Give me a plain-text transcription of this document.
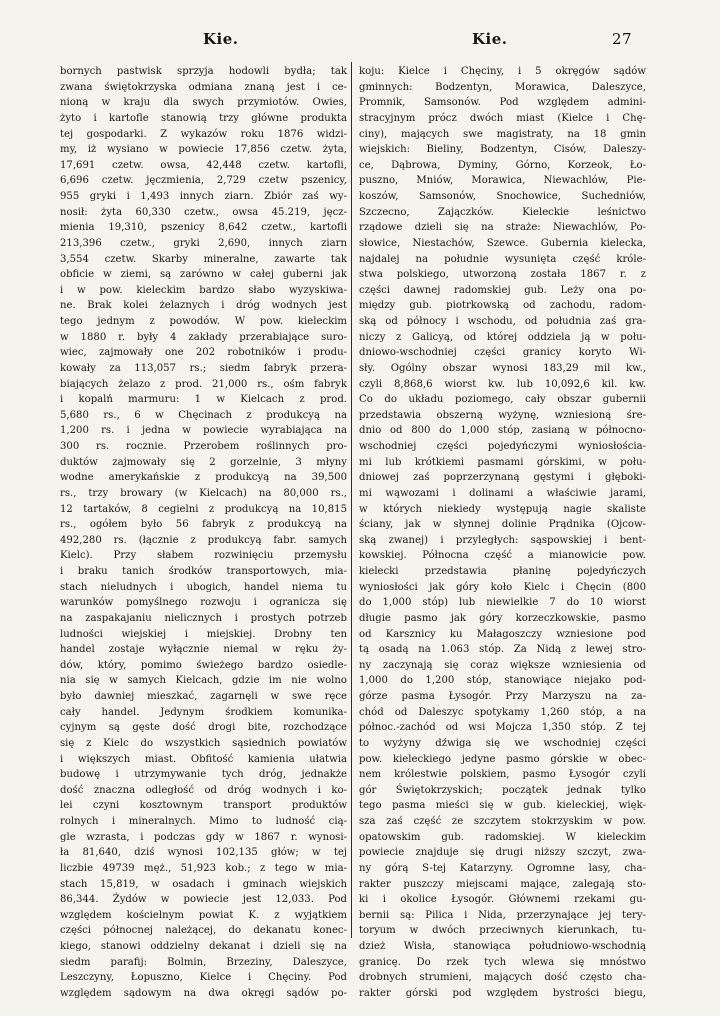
Kie.	Kie.	27
bornych pastwisk sprzyja hodowli bydła; tak
zwana świętokrzyska odmiana znaną jest i ce-
nioną w kraju dla swych przymiotów. Owies,
żyto i kartofle stanowią trzy główne produkta
tej gospodarki. Z wykazów roku 1876 widzi-
my, iż wysiano w powiecie 17,856 czetw. żyta,
17,691 czetw. owsa, 42,448 czetw. kartofli,
6,696 czetw. jęczmienia, 2,729 czetw pszenicy,
955 gryki i 1,493 innych ziarn. Zbiór zaś wy-
nosił: żyta 60,330 czetw., owsa 45.219, jęcz-
mienia 19,310, pszenicy 8,642 czetw., kartofli
213,396 czetw., gryki 2,690, innych ziarn
3,554 czetw. Skarby mineralne, zawarte tak
obficie w ziemi, są zarówno w całej guberni jak
i w pow. kieleckim bardzo słabo wyzyskiwa-
ne. Brak kolei żelaznych i dróg wodnych jest
tego jednym z powodów. W pow. kieleckim
w 1880 r. były 4 zakłady przerabiające suro-
wiec, zajmowały one 202 robotników i produ-
kowały za 113,057 rs.; siedm fabryk przera-
biających żelazo z prod. 21,000 rs., ośm fabryk
i kopalń marmuru: 1 w Kielcach z prod.
5,680 rs., 6 w Chęcinach z produkcyą na
1,200 rs. i jedna w powiecie wyrabiająca na
300 rs. rocznie. Przerobem roślinnych pro-
duktów zajmowały się 2 gorzelnie, 3 młyny
wodne amerykańskie z produkcyą na 39,500
rs., trzy browary (w Kielcach) na 80,000 rs.,
12 tartaków, 8 cegielni z produkcyą na 10,815
rs., ogółem było 56 fabryk z produkcyą na
492,280 rs. (łącznie z produkcyą fabr. samych
Kielc). Przy słabem rozwinięciu przemysłu
i braku tanich środków transportowych, mia-
stach nieludnych i ubogich, handel niema tu
warunków pomyślnego rozwoju i ogranicza się
na zaspakajaniu nielicznych i prostych potrzeb
ludności wiejskiej i miejskiej. Drobny ten
handel zostaje wyłącznie niemal w ręku ży-
dów, który, pomimo świeżego bardzo osiedle-
nia się w samych Kielcach, gdzie im nie wolno
było dawniej mieszkać, zagarnęli w swe ręce
cały handel. Jedynym środkiem komunika-
cyjnym są gęste dość drogi bite, rozchodzące
się z Kielc do wszystkich sąsiednich powiatów
i większych miast. Obfitość kamienia ułatwia
budowę i utrzymywanie tych dróg, jednakże
dość znaczna odległość od dróg wodnych i ko-
lei czyni kosztownym transport produktów
rolnych i mineralnych. Mimo to ludność cią-
gle wzrasta, i podczas gdy w 1867 r. wynosi-
ła 81,640, dziś wynosi 102,135 głów; w tej
liczbie 49739 męż., 51,923 kob.; z tego w mia-
stach 15,819, w osadach i gminach wiejskich
86,344. Żydów w powiecie jest 12,033. Pod
względem kościelnym powiat K. z wyjątkiem
części północnej należącej, do dekanatu konec-
kiego, stanowi oddzielny dekanat i dzieli się na
siedm parafij: Bolmin, Brzeziny, Daleszyce,
Leszczyny, Łopuszno, Kielce i Chęciny. Pod
względem sądowym na dwa okręgi sądów po-
koju: Kielce i Chęciny, i 5 okręgów sądów
gminnych: Bodzentyn, Morawica, Daleszyce,
Promnik, Samsonów. Pod względem admini-
stracyjnym prócz dwóch miast (Kielce i Chę-
ciny), mających swe magistraty, na 18 gmin
wiejskich: Bieliny, Bodzentyn, Cisów, Daleszy-
ce, Dąbrowa, Dyminy, Górno, Korzeok, Ło-
puszno, Mniów, Morawica, Niewachlów, Pie-
koszów, Samsonów, Snochowice, Suchedniów,
Szczecno, Zajączków. Kieleckie leśnictwo
rządowe dzieli się na straże: Niewachlów, Po-
słowice, Niestachów, Szewce. Gubernia kielecka,
najdalej na południe wysunięta część króle-
stwa polskiego, utworzoną została 1867 r. z
części dawnej radomskiej gub. Leży ona po-
między gub. piotrkowską od zachodu, radom-
ską od północy i wschodu, od południa zaś gra-
niczy z Galicyą, od której oddziela ją w połu-
dniowo-wschodniej części granicy koryto Wi-
sły. Ogólny obszar wynosi 183,29 mil kw.,
czyli 8,868,6 wiorst kw. lub 10,092,6 kil. kw.
Co do układu poziomego, cały obszar gubernii
przedstawia obszerną wyżynę, wzniesioną śre-
dnio od 800 do 1,000 stóp, zasianą w północno-
wschodniej części pojedyńczymi wyniosłościa-
mi lub krótkiemi pasmami górskimi, w połu-
dniowej zaś poprzerzynaną gęstymi i głęboki-
mi wąwozami i dolinami a właściwie jarami,
w których niekiedy występują nagie skaliste
ściany, jak w słynnej dolinie Prądnika (Ojcow-
ską zwanej) i przyległych: sąspowskiej i bent-
kowskiej. Północna część a mianowicie pow.
kielecki przedstawia płaninę pojedyńczych
wyniosłości jak góry koło Kielc i Chęcin (800
do 1,000 stóp) lub niewielkie 7 do 10 wiorst
długie pasmo jak góry korzeczkowskie, pasmo
od Karsznicy ku Małagoszczy wzniesione pod
tą osadą na 1.063 stóp. Za Nidą z lewej stro-
ny zaczynają się coraz większe wzniesienia od
1,000 do 1,200 stóp, stanowiące niejako pod-
górze pasma Łysogór. Przy Marzyszu na za-
chód od Daleszyc spotykamy 1,260 stóp, a na
północ.-zachód od wsi Mojcza 1,350 stóp. Z tej
to wyżyny dźwiga się we wschodniej części
pow. kieleckiego jedyne pasmo górskie w obec-
nem królestwie polskiem, pasmo Łysogór czyli
gór Świętokrzyskich; początek jednak tylko
tego pasma mieści się w gub. kieleckiej, więk-
sza zaś część ze szczytem stokrzyskim w pow.
opatowskim gub. radomskiej. W kieleckim
powiecie znajduje się drugi niższy szczyt, zwa-
ny górą S-tej Katarzyny. Ogromne lasy, cha-
rakter puszczy miejscami mające, zalegają sto-
ki i okolice Łysogór. Głównemi rzekami gu-
bernii są: Pilica i Nida, przerzynające jej tery-
toryum w dwóch przeciwnych kierunkach, tu-
dzież Wisła, stanowiąca południowo-wschodnią
granicę. Do rzek tych wlewa się mnóstwo
drobnych strumieni, mających dość często cha-
rakter górski pod względem bystrości biegu,
